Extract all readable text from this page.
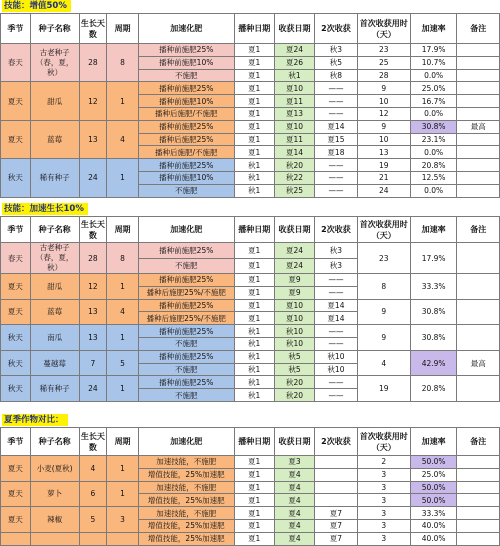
技能：增值50%
季节	种子名称	生长天数	周期	加速化肥	播种日期	收获日期	2次收获	首次收获用时（天）	加速率	备注
春天	古老种子（春，夏，秋）	28	8	播种前施肥25%	夏1	夏24	秋3	23	17.9%	
				播种前施肥10%	夏1	夏26	秋5	25	10.7%	
				不施肥	夏1	秋1	秋8	28	0.0%	
夏天	甜瓜	12	1	播种前施肥25%	夏1	夏10	——	9	25.0%	
				播种前施肥10%	夏1	夏11	——	10	16.7%	
				播种后施肥/不施肥	夏1	夏13	——	12	0.0%	
夏天	蓝莓	13	4	播种前施肥25%	夏1	夏10	夏14	9	30.8%	最高
				播种后施肥25%	夏1	夏11	夏15	10	23.1%	
				播种后施肥/不施肥	夏1	夏14	夏18	13	0.0%	
秋天	稀有种子	24	1	播种前施肥25%	秋1	秋20	——	19	20.8%	
				播种前施肥10%	秋1	秋22	——	21	12.5%	
				不施肥	秋1	秋25	——	24	0.0%	
技能：加速生长10%
季节	种子名称	生长天数	周期	加速化肥	播种日期	收获日期	2次收获	首次收获用时（天）	加速率	备注
春天	古老种子（春，夏，秋）	28	8	播种前施肥25%	夏1	夏24	秋3	23	17.9%	
				不施肥	夏1	夏24	秋3			
夏天	甜瓜	12	1	播种前施肥25%	夏1	夏9	——	8	33.3%	
				播种后施肥25%/不施肥	夏1	夏9	——			
夏天	蓝莓	13	4	播种前施肥25%	夏1	夏10	夏14	9	30.8%	
				播种后施肥25%/不施肥	夏1	夏10	夏14			
秋天	南瓜	13	1	播种前施肥25%	秋1	秋10	——	9	30.8%	
				不施肥	秋1	秋10	——			
秋天	蔓越莓	7	5	播种前施肥25%	秋1	秋5	秋10	4	42.9%	最高
				不施肥	秋1	秋5	秋10			
秋天	稀有种子	24	1	播种前施肥25%	秋1	秋20	——	19	20.8%	
				不施肥	秋1	秋20	——			
夏季作物对比：
季节	种子名称	生长天数	周期	加速化肥	播种日期	收获日期	2次收获	首次收获用时（天）	加速率	备注
夏天	小麦(夏秋)	4	1	加速技能，不施肥	夏1	夏3		2	50.0%	
				增值技能，25%加速肥	夏1	夏4		3	25.0%	
夏天	萝卜	6	1	加速技能，不施肥	夏1	夏4		3	50.0%	
				增值技能，25%加速肥	夏1	夏4		3	50.0%	
夏天	辣椒	5	3	加速技能，不施肥	夏1	夏4	夏7	3	33.3%	
				增值技能，25%加速肥	夏1	夏4	夏7	3	40.0%	
				增值技能，25%加速肥	夏1	夏4	夏7	3	40.0%	
